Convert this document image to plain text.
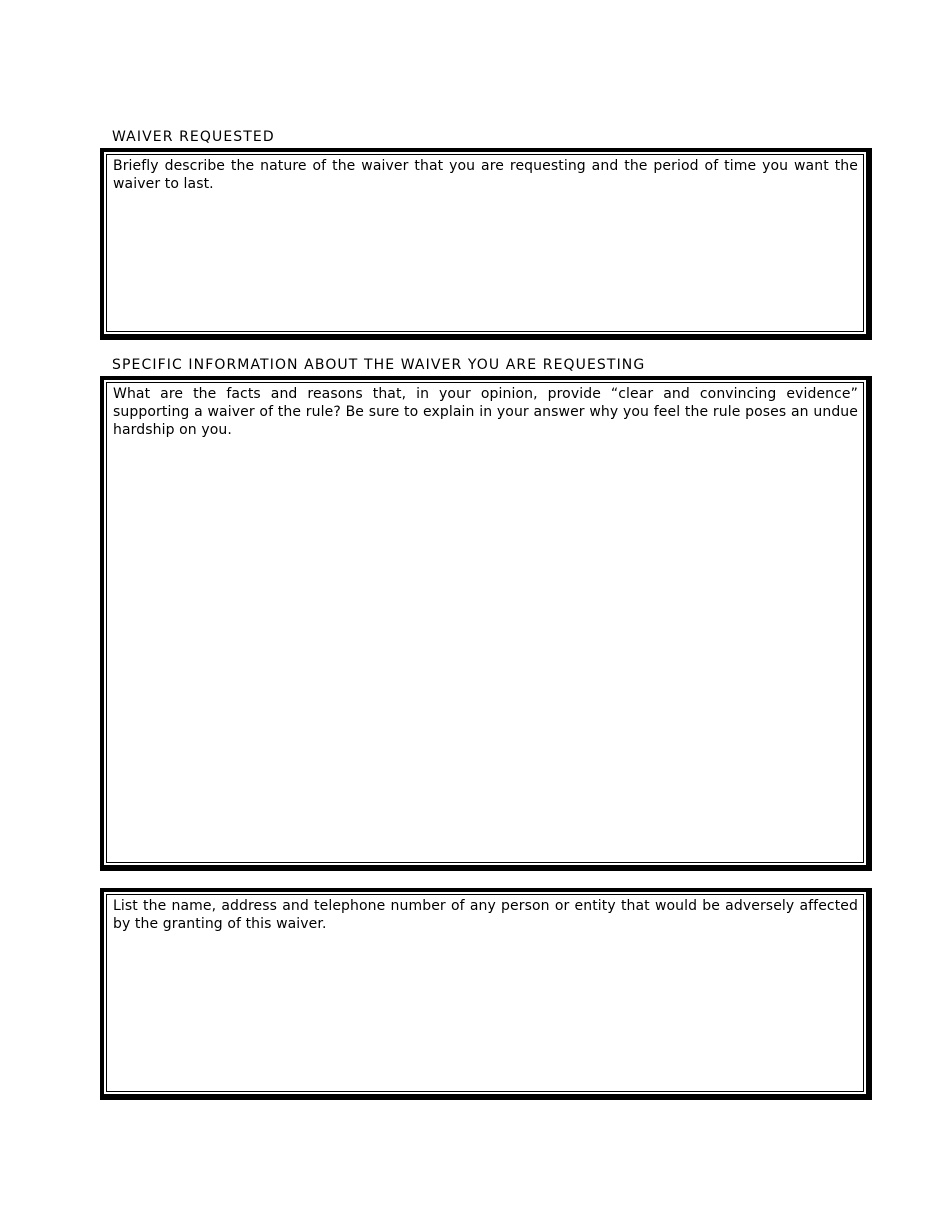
WAIVER REQUESTED
Briefly describe the nature of the waiver that you are requesting and the period of time you want the waiver to last.
SPECIFIC INFORMATION ABOUT THE WAIVER YOU ARE REQUESTING
What are the facts and reasons that, in your opinion, provide “clear and convincing evidence” supporting a waiver of the rule? Be sure to explain in your answer why you feel the rule poses an undue hardship on you.
List the name, address and telephone number of any person or entity that would be adversely affected by the granting of this waiver.
